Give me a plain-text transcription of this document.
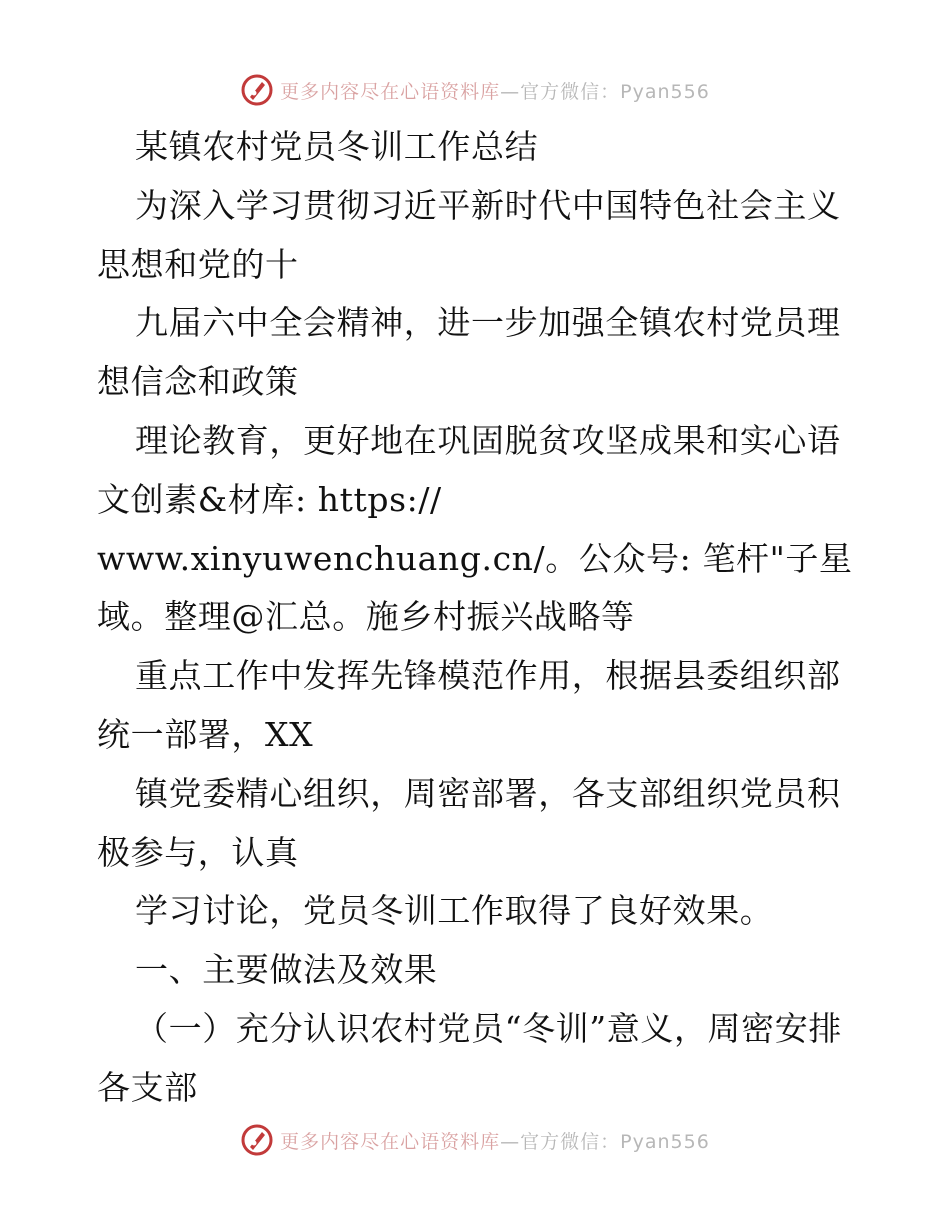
更多内容尽在心语资料库—官方微信：Pyan556

某镇农村党员冬训工作总结

为深入学习贯彻习近平新时代中国特色社会主义思想和党的十

九届六中全会精神，进一步加强全镇农村党员理想信念和政策

理论教育，更好地在巩固脱贫攻坚成果和实心语文创素&材库: https://

www.xinyuwenchuang.cn/。公众号: 笔杆"子星

域。整理@汇总。施乡村振兴战略等

重点工作中发挥先锋模范作用，根据县委组织部统一部署，XX

镇党委精心组织，周密部署，各支部组织党员积极参与，认真

学习讨论，党员冬训工作取得了良好效果。

一、主要做法及效果

（一）充分认识农村党员“冬训”意义，周密安排各支部

更多内容尽在心语资料库—官方微信：Pyan556
